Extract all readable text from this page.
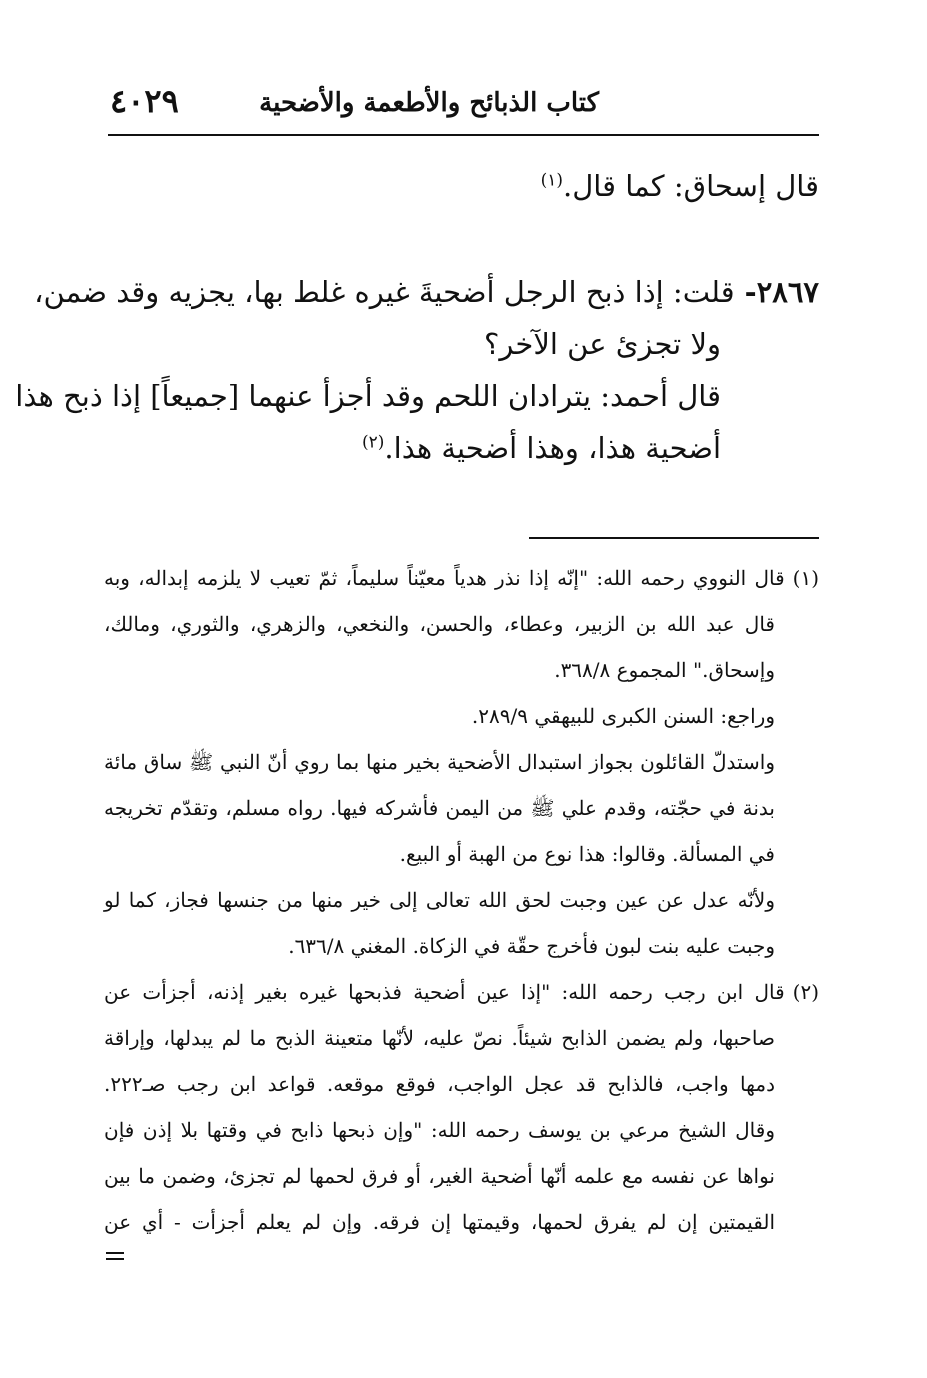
كتاب الذبائح والأطعمة والأضحية
٤٠٢٩
قال إسحاق: كما قال.$^{(١)}$
٢٨٦٧-قلت: إذا ذبح الرجل أضحيةَ غيره غلط بها، يجزيه وقد ضمن،
ولا تجزئ عن الآخر؟
قال أحمد: يترادان اللحم وقد أجزأ عنهما [جميعاً] إذا ذبح هذا
أضحية هذا، وهذا أضحية هذا.$^{(٢)}$
(١)قال النووي رحمه الله: "إنّه إذا نذر هدياً معيّناً سليماً، ثمّ تعيب لا يلزمه إبداله، وبه
قال عبد الله بن الزبير، وعطاء، والحسن، والنخعي، والزهري، والثوري، ومالك،
وإسحاق." المجموع ٣٦٨/٨.
وراجع: السنن الكبرى للبيهقي ٢٨٩/٩.
واستدلّ القائلون بجواز استبدال الأضحية بخير منها بما روي أنّ النبي ﷺ ساق مائة
بدنة في حجّته، وقدم علي ﷺ من اليمن فأشركه فيها. رواه مسلم، وتقدّم تخريجه
في المسألة. وقالوا: هذا نوع من الهبة أو البيع.
ولأنّه عدل عن عين وجبت لحق الله تعالى إلى خير منها من جنسها فجاز، كما لو
وجبت عليه بنت لبون فأخرج حقّة في الزكاة. المغني ٦٣٦/٨.
(٢)قال ابن رجب رحمه الله: "إذا عين أضحية فذبحها غيره بغير إذنه، أجزأت عن
صاحبها، ولم يضمن الذابح شيئاً. نصّ عليه، لأنّها متعينة الذبح ما لم يبدلها، وإراقة
دمها واجب، فالذابح قد عجل الواجب، فوقع موقعه. قواعد ابن رجب صـ٢٢٢.
وقال الشيخ مرعي بن يوسف رحمه الله: "وإن ذبحها ذابح في وقتها بلا إذن فإن
نواها عن نفسه مع علمه أنّها أضحية الغير، أو فرق لحمها لم تجزئ، وضمن ما بين
القيمتين إن لم يفرق لحمها، وقيمتها إن فرقه. وإن لم يعلم أجزأت - أي عن
